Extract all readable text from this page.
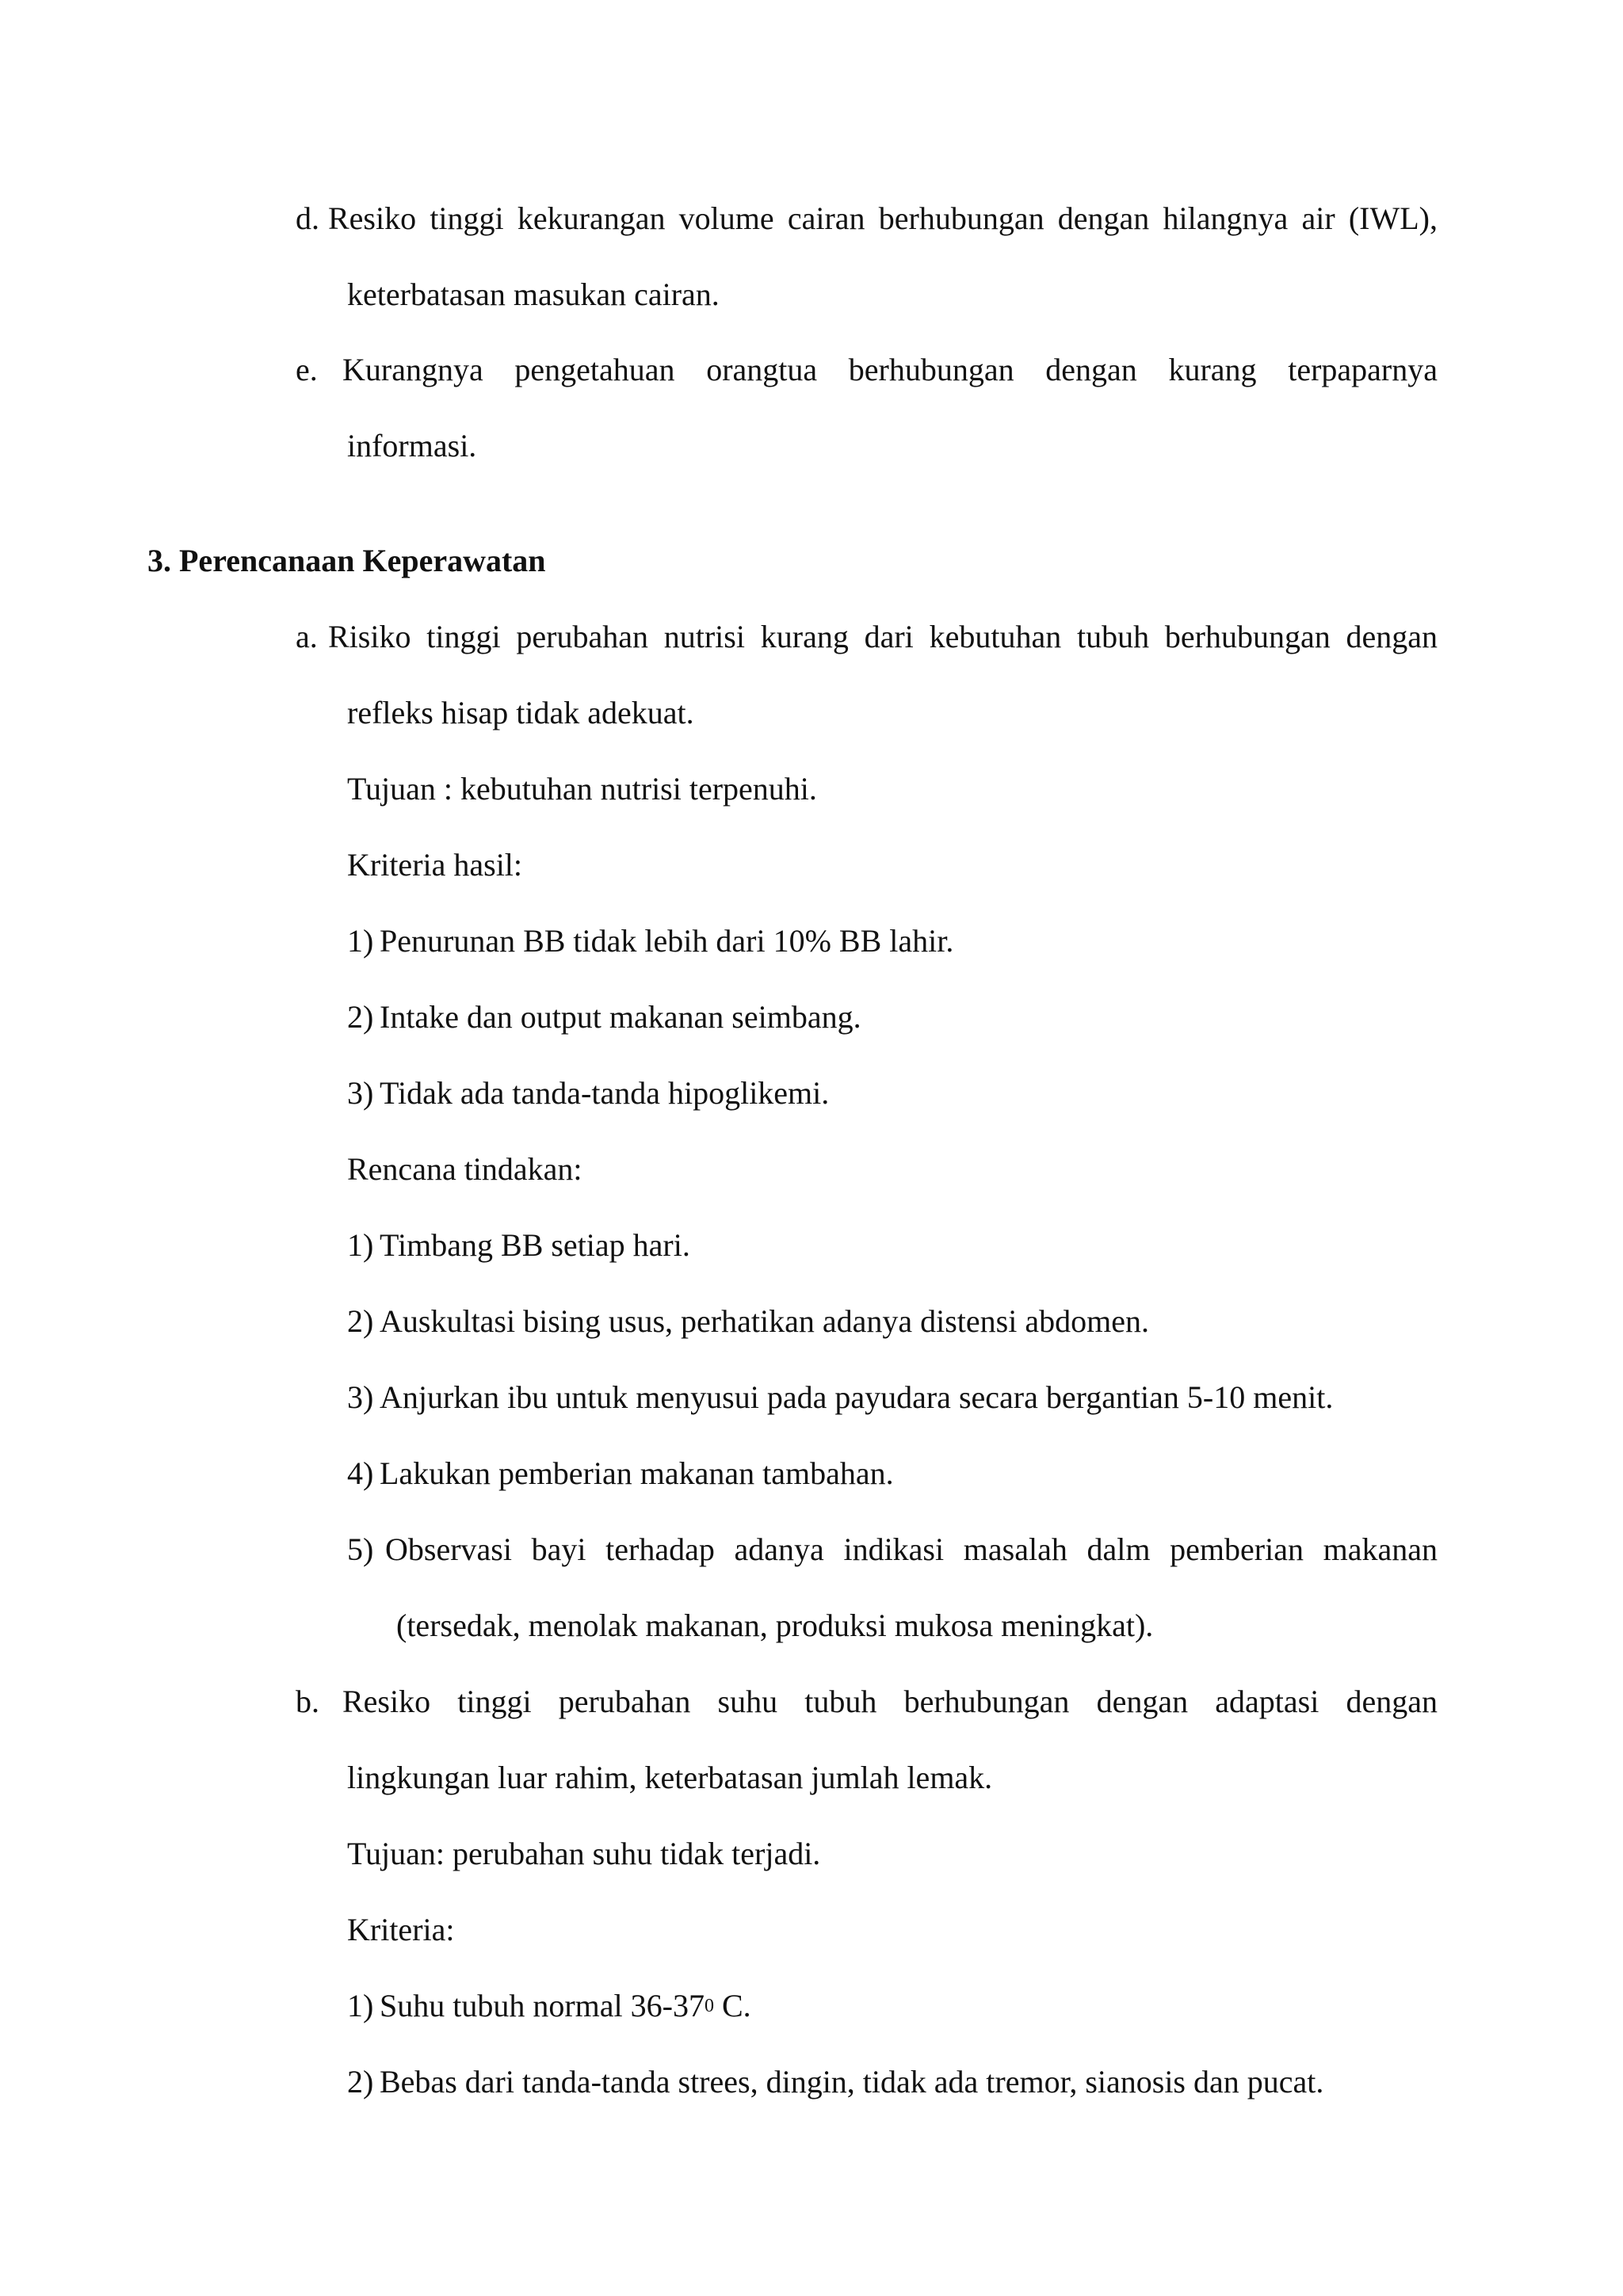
d. Resiko tinggi kekurangan volume cairan berhubungan dengan hilangnya air (IWL),
keterbatasan masukan cairan.
e. Kurangnya pengetahuan orangtua berhubungan dengan kurang terpaparnya
informasi.
3. Perencanaan Keperawatan
a. Risiko tinggi perubahan nutrisi kurang dari kebutuhan tubuh berhubungan dengan
refleks hisap tidak adekuat.
Tujuan : kebutuhan nutrisi terpenuhi.
Kriteria hasil:
1) Penurunan BB tidak lebih dari 10% BB lahir.
2) Intake dan output makanan seimbang.
3) Tidak ada tanda-tanda hipoglikemi.
Rencana tindakan:
1) Timbang BB setiap hari.
2) Auskultasi bising usus, perhatikan adanya distensi abdomen.
3) Anjurkan ibu untuk menyusui pada payudara secara bergantian 5-10 menit.
4) Lakukan pemberian makanan tambahan.
5) Observasi bayi terhadap adanya indikasi masalah dalm pemberian makanan
(tersedak, menolak makanan, produksi mukosa meningkat).
b. Resiko tinggi perubahan suhu tubuh berhubungan dengan adaptasi dengan
lingkungan luar rahim, keterbatasan jumlah lemak.
Tujuan: perubahan suhu tidak terjadi.
Kriteria:
1) Suhu tubuh normal $36-37^0$ C.
2) Bebas dari tanda-tanda strees, dingin, tidak ada tremor, sianosis dan pucat.
